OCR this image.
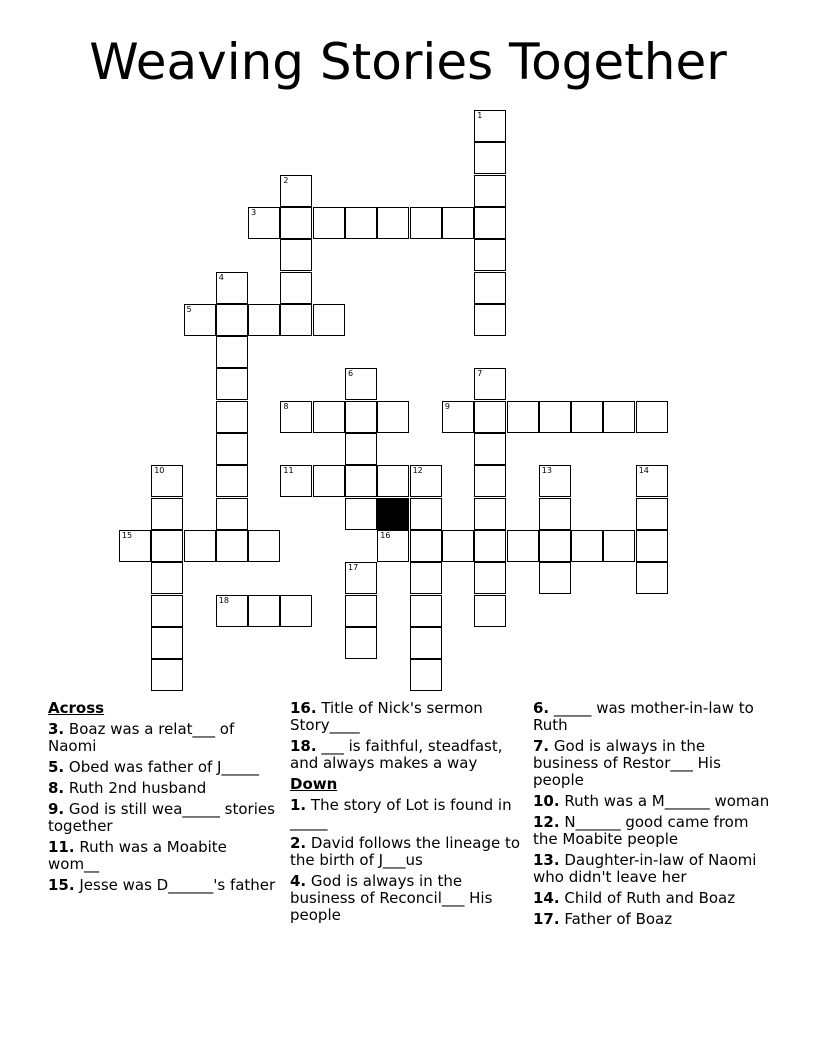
Weaving Stories Together
1
2
3
4
5
6	7
8	9
10	11	12	13	14
15	16
17
18
Across
3. Boaz was a relat___ of Naomi
5. Obed was father of J_____
8. Ruth 2nd husband
9. God is still wea_____ stories together
11. Ruth was a Moabite wom__
15. Jesse was D______'s father
16. Title of Nick's sermon Story____
18. ___ is faithful, steadfast, and always makes a way
Down
1. The story of Lot is found in _____
2. David follows the lineage to the birth of J___us
4. God is always in the business of Reconcil___ His people
6. _____ was mother-in-law to Ruth
7. God is always in the business of Restor___ His people
10. Ruth was a M______ woman
12. N______ good came from the Moabite people
13. Daughter-in-law of Naomi who didn't leave her
14. Child of Ruth and Boaz
17. Father of Boaz
